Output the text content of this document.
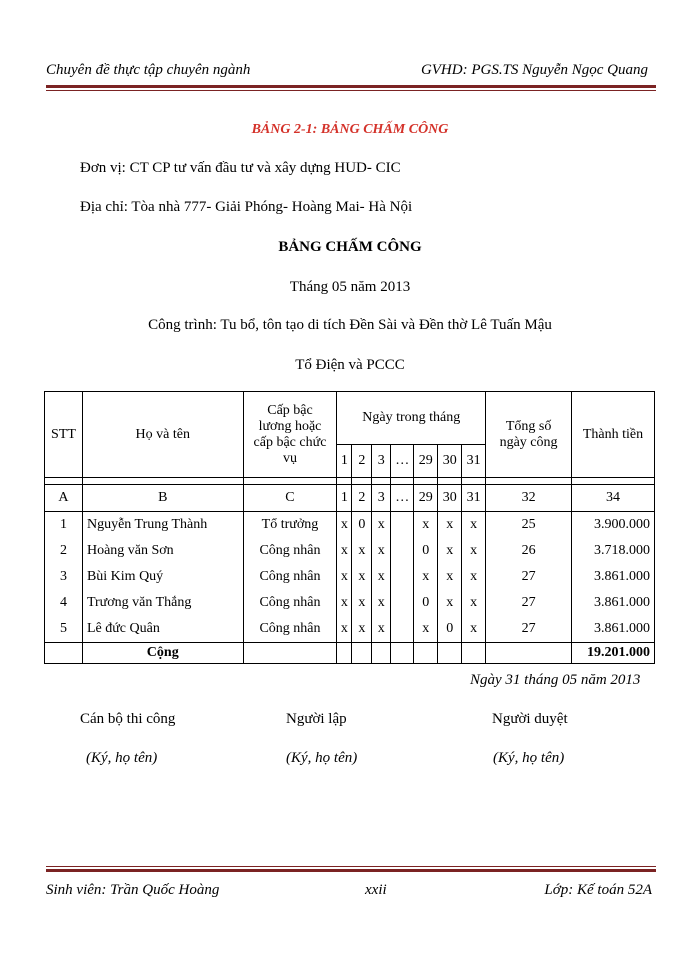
Chuyên đề thực tập chuyên ngành	GVHD: PGS.TS Nguyễn Ngọc Quang
BẢNG 2-1: BẢNG CHẤM CÔNG
Đơn vị: CT CP tư vấn đầu tư và xây dựng HUD- CIC
Địa chỉ: Tòa nhà 777- Giải Phóng- Hoàng Mai- Hà Nội
BẢNG CHẤM CÔNG
Tháng 05 năm 2013
Công trình: Tu bổ, tôn tạo di tích Đền Sài và Đền thờ Lê Tuấn Mậu
Tổ Điện và PCCC
STT	Họ và tên	Cấp bậc lương hoặc cấp bậc chức vụ	Ngày trong tháng							Tổng số ngày công	Thành tiền
			1	2	3	…	29	30	31		

A	B	C	1	2	3	…	29	30	31	32	34
1	Nguyễn Trung Thành	Tổ trưởng	x	0	x		x	x	x	25	3.900.000
2	Hoàng văn Sơn	Công nhân	x	x	x		0	x	x	26	3.718.000
3	Bùi Kim Quý	Công nhân	x	x	x		x	x	x	27	3.861.000
4	Trương văn Thắng	Công nhân	x	x	x		0	x	x	27	3.861.000
5	Lê đức Quân	Công nhân	x	x	x		x	0	x	27	3.861.000
	Cộng										19.201.000
Ngày 31 tháng 05 năm 2013
Cán bộ thi công
(Ký, họ tên)
Người lập
(Ký, họ tên)
Người duyệt
(Ký, họ tên)
Sinh viên: Trần Quốc Hoàng	xxii	Lớp: Kế toán 52A
